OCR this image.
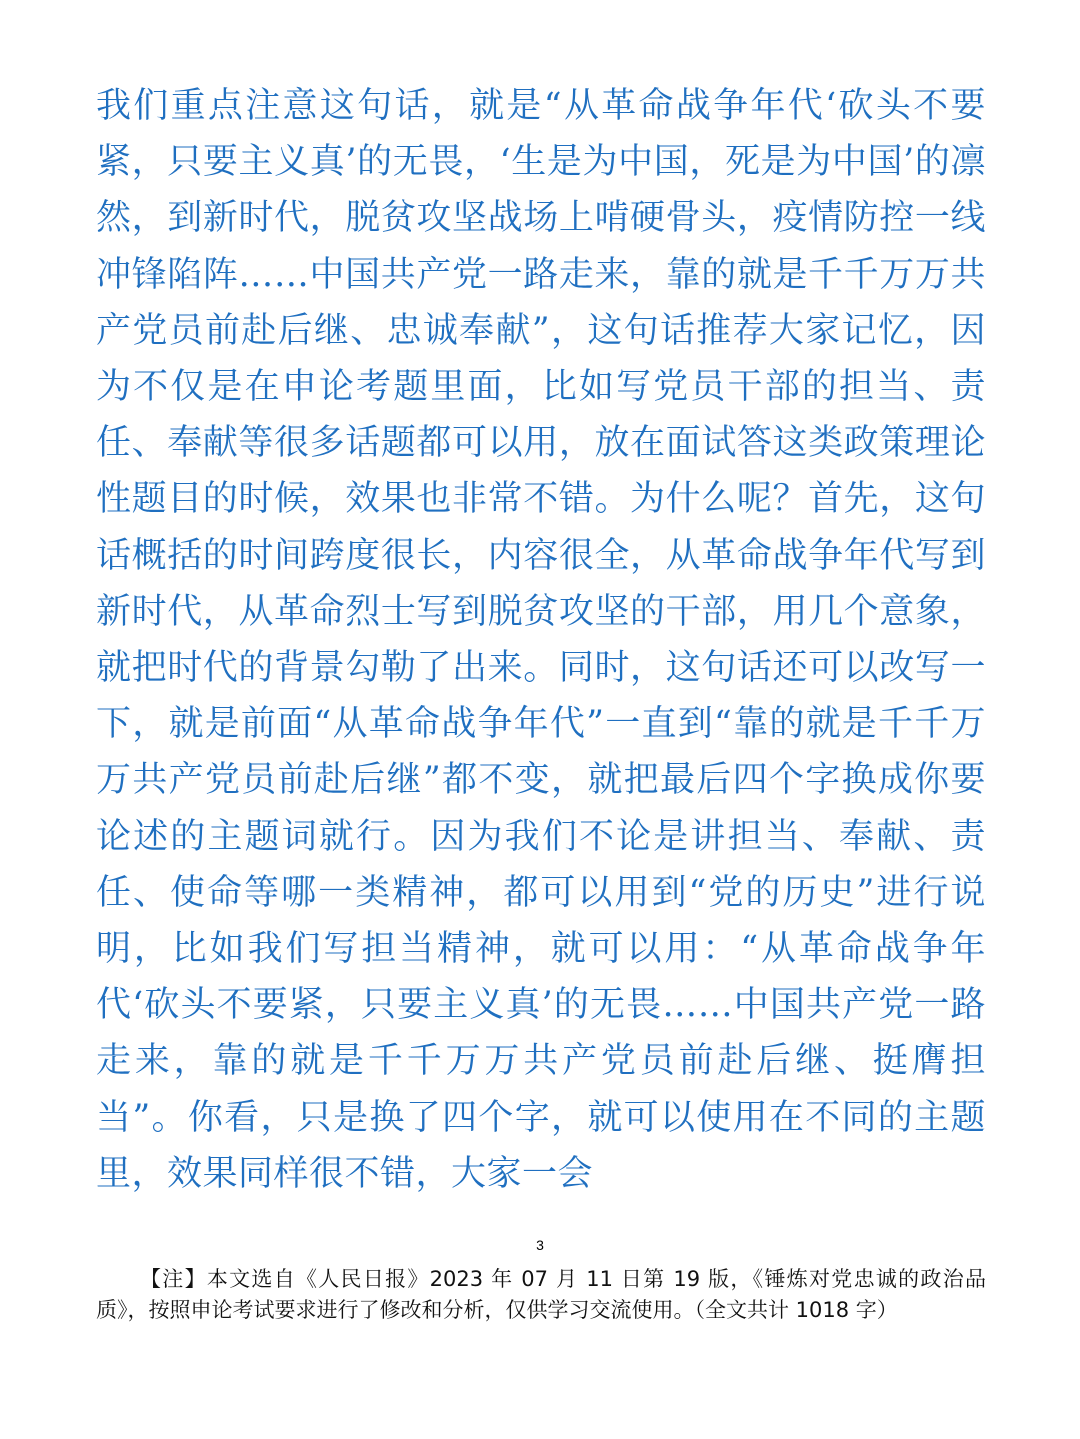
我们重点注意这句话，就是“从革命战争年代‘砍头不要紧，只要主义真’的无畏，‘生是为中国，死是为中国’的凛然，到新时代，脱贫攻坚战场上啃硬骨头，疫情防控一线冲锋陷阵……中国共产党一路走来，靠的就是千千万万共产党员前赴后继、忠诚奉献”，这句话推荐大家记忆，因为不仅是在申论考题里面，比如写党员干部的担当、责任、奉献等很多话题都可以用，放在面试答这类政策理论性题目的时候，效果也非常不错。为什么呢？首先，这句话概括的时间跨度很长，内容很全，从革命战争年代写到新时代，从革命烈士写到脱贫攻坚的干部，用几个意象，就把时代的背景勾勒了出来。同时，这句话还可以改写一下，就是前面“从革命战争年代”一直到“靠的就是千千万万共产党员前赴后继”都不变，就把最后四个字换成你要论述的主题词就行。因为我们不论是讲担当、奉献、责任、使命等哪一类精神，都可以用到“党的历史”进行说明，比如我们写担当精神，就可以用：“从革命战争年代‘砍头不要紧，只要主义真’的无畏……中国共产党一路走来，靠的就是千千万万共产党员前赴后继、挺膺担当”。你看，只是换了四个字，就可以使用在不同的主题里，效果同样很不错，大家一会

3

【注】本文选自《人民日报》2023 年 07 月 11 日第 19 版，《锤炼对党忠诚的政治品质》，按照申论考试要求进行了修改和分析，仅供学习交流使用。（全文共计 1018 字）
